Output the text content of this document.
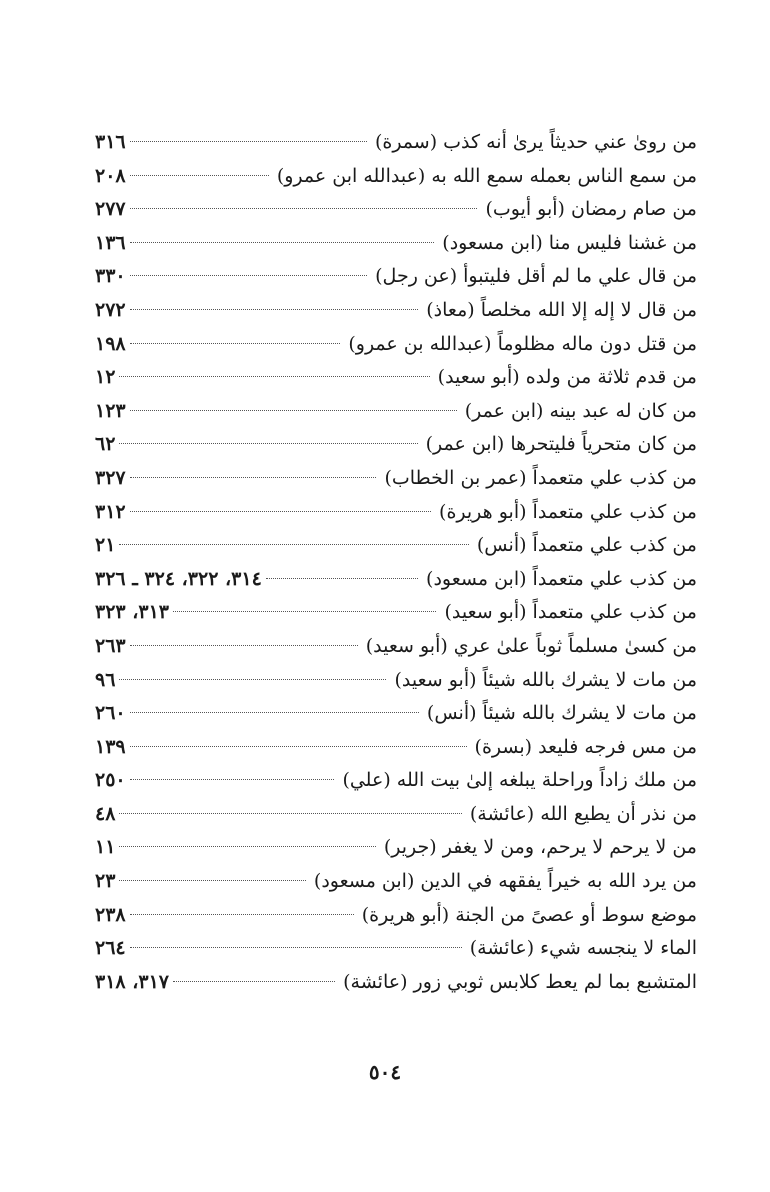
من روىٰ عني حديثاً يرىٰ أنه كذب (سمرة)
٣١٦
من سمع الناس بعمله سمع الله به (عبدالله ابن عمرو)
٢٠٨
من صام رمضان (أبو أيوب)
٢٧٧
من غشنا فليس منا (ابن مسعود)
١٣٦
من قال علي ما لم أقل فليتبوأ (عن رجل)
٣٣٠
من قال لا إله إلا الله مخلصاً (معاذ)
٢٧٢
من قتل دون ماله مظلوماً (عبدالله بن عمرو)
١٩٨
من قدم ثلاثة من ولده (أبو سعيد)
١٢
من كان له عبد بينه (ابن عمر)
١٢٣
من كان متحرياً فليتحرها (ابن عمر)
٦٢
من كذب علي متعمداً (عمر بن الخطاب)
٣٢٧
من كذب علي متعمداً (أبو هريرة)
٣١٢
من كذب علي متعمداً (أنس)
٢١
من كذب علي متعمداً (ابن مسعود)
٣١٤، ٣٢٢، ٣٢٤ ـ ٣٢٦
من كذب علي متعمداً (أبو سعيد)
٣١٣، ٣٢٣
من كسىٰ مسلماً ثوباً علىٰ عري (أبو سعيد)
٢٦٣
من مات لا يشرك بالله شيئاً (أبو سعيد)
٩٦
من مات لا يشرك بالله شيئاً (أنس)
٢٦٠
من مس فرجه فليعد (بسرة)
١٣٩
من ملك زاداً وراحلة يبلغه إلىٰ بيت الله (علي)
٢٥٠
من نذر أن يطيع الله (عائشة)
٤٨
من لا يرحم لا يرحم، ومن لا يغفر (جرير)
١١
من يرد الله به خيراً يفقهه في الدين (ابن مسعود)
٢٣
موضع سوط أو عصىً من الجنة (أبو هريرة)
٢٣٨
الماء لا ينجسه شيء (عائشة)
٢٦٤
المتشبع بما لم يعط كلابس ثوبي زور (عائشة)
٣١٧، ٣١٨
٥٠٤
